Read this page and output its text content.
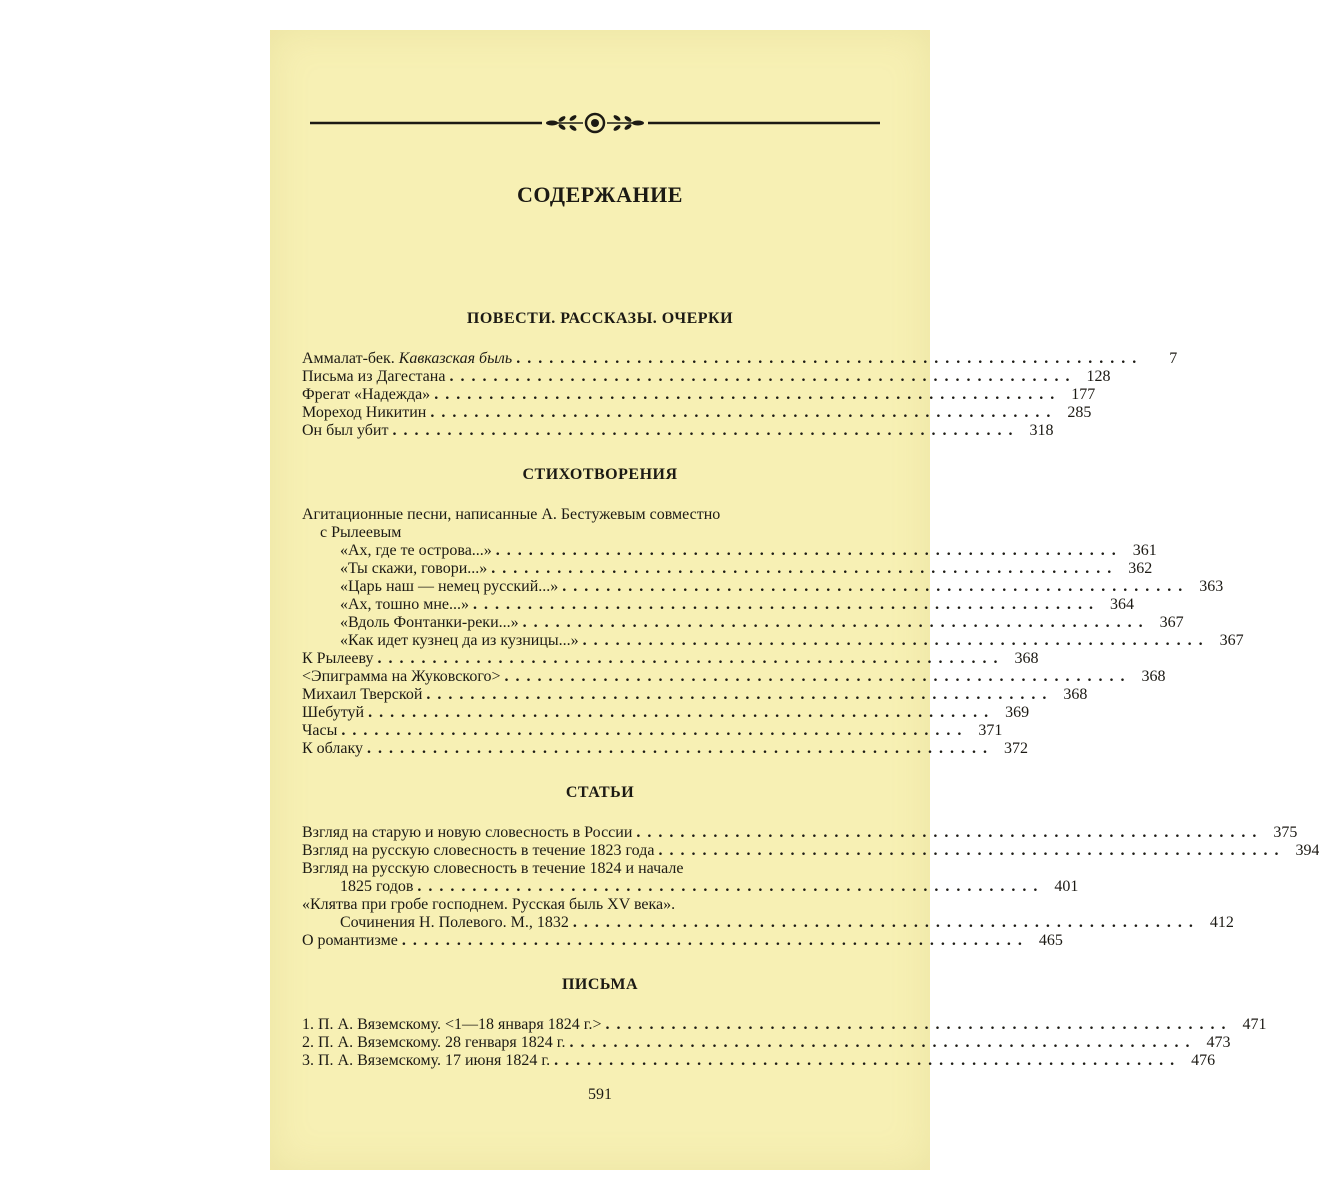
СОДЕРЖАНИЕ
ПОВЕСТИ. РАССКАЗЫ. ОЧЕРКИ
Аммалат-бек. Кавказская быль .........................................................	7
Письма из Дагестана ......................................................... 128
Фрегат «Надежда» ......................................................... 177
Мореход Никитин ......................................................... 285
Он был убит ......................................................... 318
СТИХОТВОРЕНИЯ
Агитационные песни, написанные А. Бестужевым совместно
с Рылеевым
«Ах, где те острова...» ......................................................... 361
«Ты скажи, говори...» ......................................................... 362
«Царь наш — немец русский...» ......................................................... 363
«Ах, тошно мне...» ......................................................... 364
«Вдоль Фонтанки-реки...» ......................................................... 367
«Как идет кузнец да из кузницы...» ......................................................... 367
К Рылееву ......................................................... 368
<Эпиграмма на Жуковского> ......................................................... 368
Михаил Тверской ......................................................... 368
Шебутуй ......................................................... 369
Часы ......................................................... 371
К облаку ......................................................... 372
СТАТЬИ
Взгляд на старую и новую словесность в России ......................................................... 375
Взгляд на русскую словесность в течение 1823 года ......................................................... 394
Взгляд на русскую словесность в течение 1824 и начале
1825 годов ......................................................... 401
«Клятва при гробе господнем. Русская быль XV века».
Сочинения Н. Полевого. М., 1832 ......................................................... 412
О романтизме ......................................................... 465
ПИСЬМА
1. П. А. Вяземскому. <1—18 января 1824 г.> ......................................................... 471
2. П. А. Вяземскому. 28 генваря 1824 г. ......................................................... 473
3. П. А. Вяземскому. 17 июня 1824 г. ......................................................... 476
591
